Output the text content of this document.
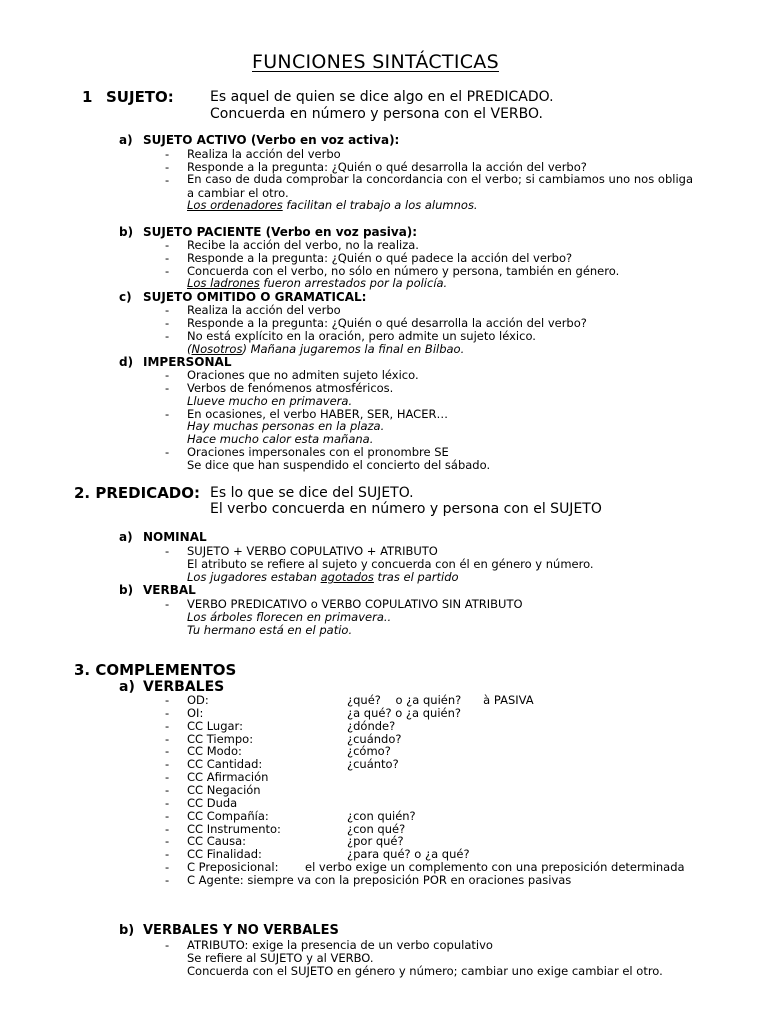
FUNCIONES SINTÁCTICAS
1 SUJETO:	Es aquel de quien se dice algo en el PREDICADO.
Concuerda en número y persona con el VERBO.
a) SUJETO ACTIVO (Verbo en voz activa):
- Realiza la acción del verbo
- Responde a la pregunta: ¿Quién o qué desarrolla la acción del verbo?
- En caso de duda comprobar la concordancia con el verbo; si cambiamos uno nos obliga a cambiar el otro.
Los ordenadores facilitan el trabajo a los alumnos.
b) SUJETO PACIENTE (Verbo en voz pasiva):
- Recibe la acción del verbo, no la realiza.
- Responde a la pregunta: ¿Quién o qué padece la acción del verbo?
- Concuerda con el verbo, no sólo en número y persona, también en género.
Los ladrones fueron arrestados por la policía.
c) SUJETO OMITIDO O GRAMATICAL:
- Realiza la acción del verbo
- Responde a la pregunta: ¿Quién o qué desarrolla la acción del verbo?
- No está explícito en la oración, pero admite un sujeto léxico.
(Nosotros) Mañana jugaremos la final en Bilbao.
d) IMPERSONAL
- Oraciones que no admiten sujeto léxico.
- Verbos de fenómenos atmosféricos.
Llueve mucho en primavera.
- En ocasiones, el verbo HABER, SER, HACER…
Hay muchas personas en la plaza.
Hace mucho calor esta mañana.
- Oraciones impersonales con el pronombre SE
Se dice que han suspendido el concierto del sábado.
2. PREDICADO: Es lo que se dice del SUJETO.
El verbo concuerda en número y persona con el SUJETO
a) NOMINAL
- SUJETO + VERBO COPULATIVO + ATRIBUTO
El atributo se refiere al sujeto y concuerda con él en género y número.
Los jugadores estaban agotados tras el partido
b) VERBAL
- VERBO PREDICATIVO o VERBO COPULATIVO SIN ATRIBUTO
Los árboles florecen en primavera..
Tu hermano está en el patio.
3. COMPLEMENTOS
a) VERBALES
- OD:	¿qué?    o ¿a quién?      à PASIVA
- OI:	¿a qué? o ¿a quién?
- CC Lugar:	¿dónde?
- CC Tiempo:	¿cuándo?
- CC Modo:	¿cómo?
- CC Cantidad:	¿cuánto?
- CC Afirmación
- CC Negación
- CC Duda
- CC Compañía:	¿con quién?
- CC Instrumento:	¿con qué?
- CC Causa:	¿por qué?
- CC Finalidad:	¿para qué? o ¿a qué?
- C Preposicional: el verbo exige un complemento con una preposición determinada
- C Agente: siempre va con la preposición POR en oraciones pasivas
b) VERBALES Y NO VERBALES
- ATRIBUTO: exige la presencia de un verbo copulativo
Se refiere al SUJETO y al VERBO.
Concuerda con el SUJETO en género y número; cambiar uno exige cambiar el otro.
